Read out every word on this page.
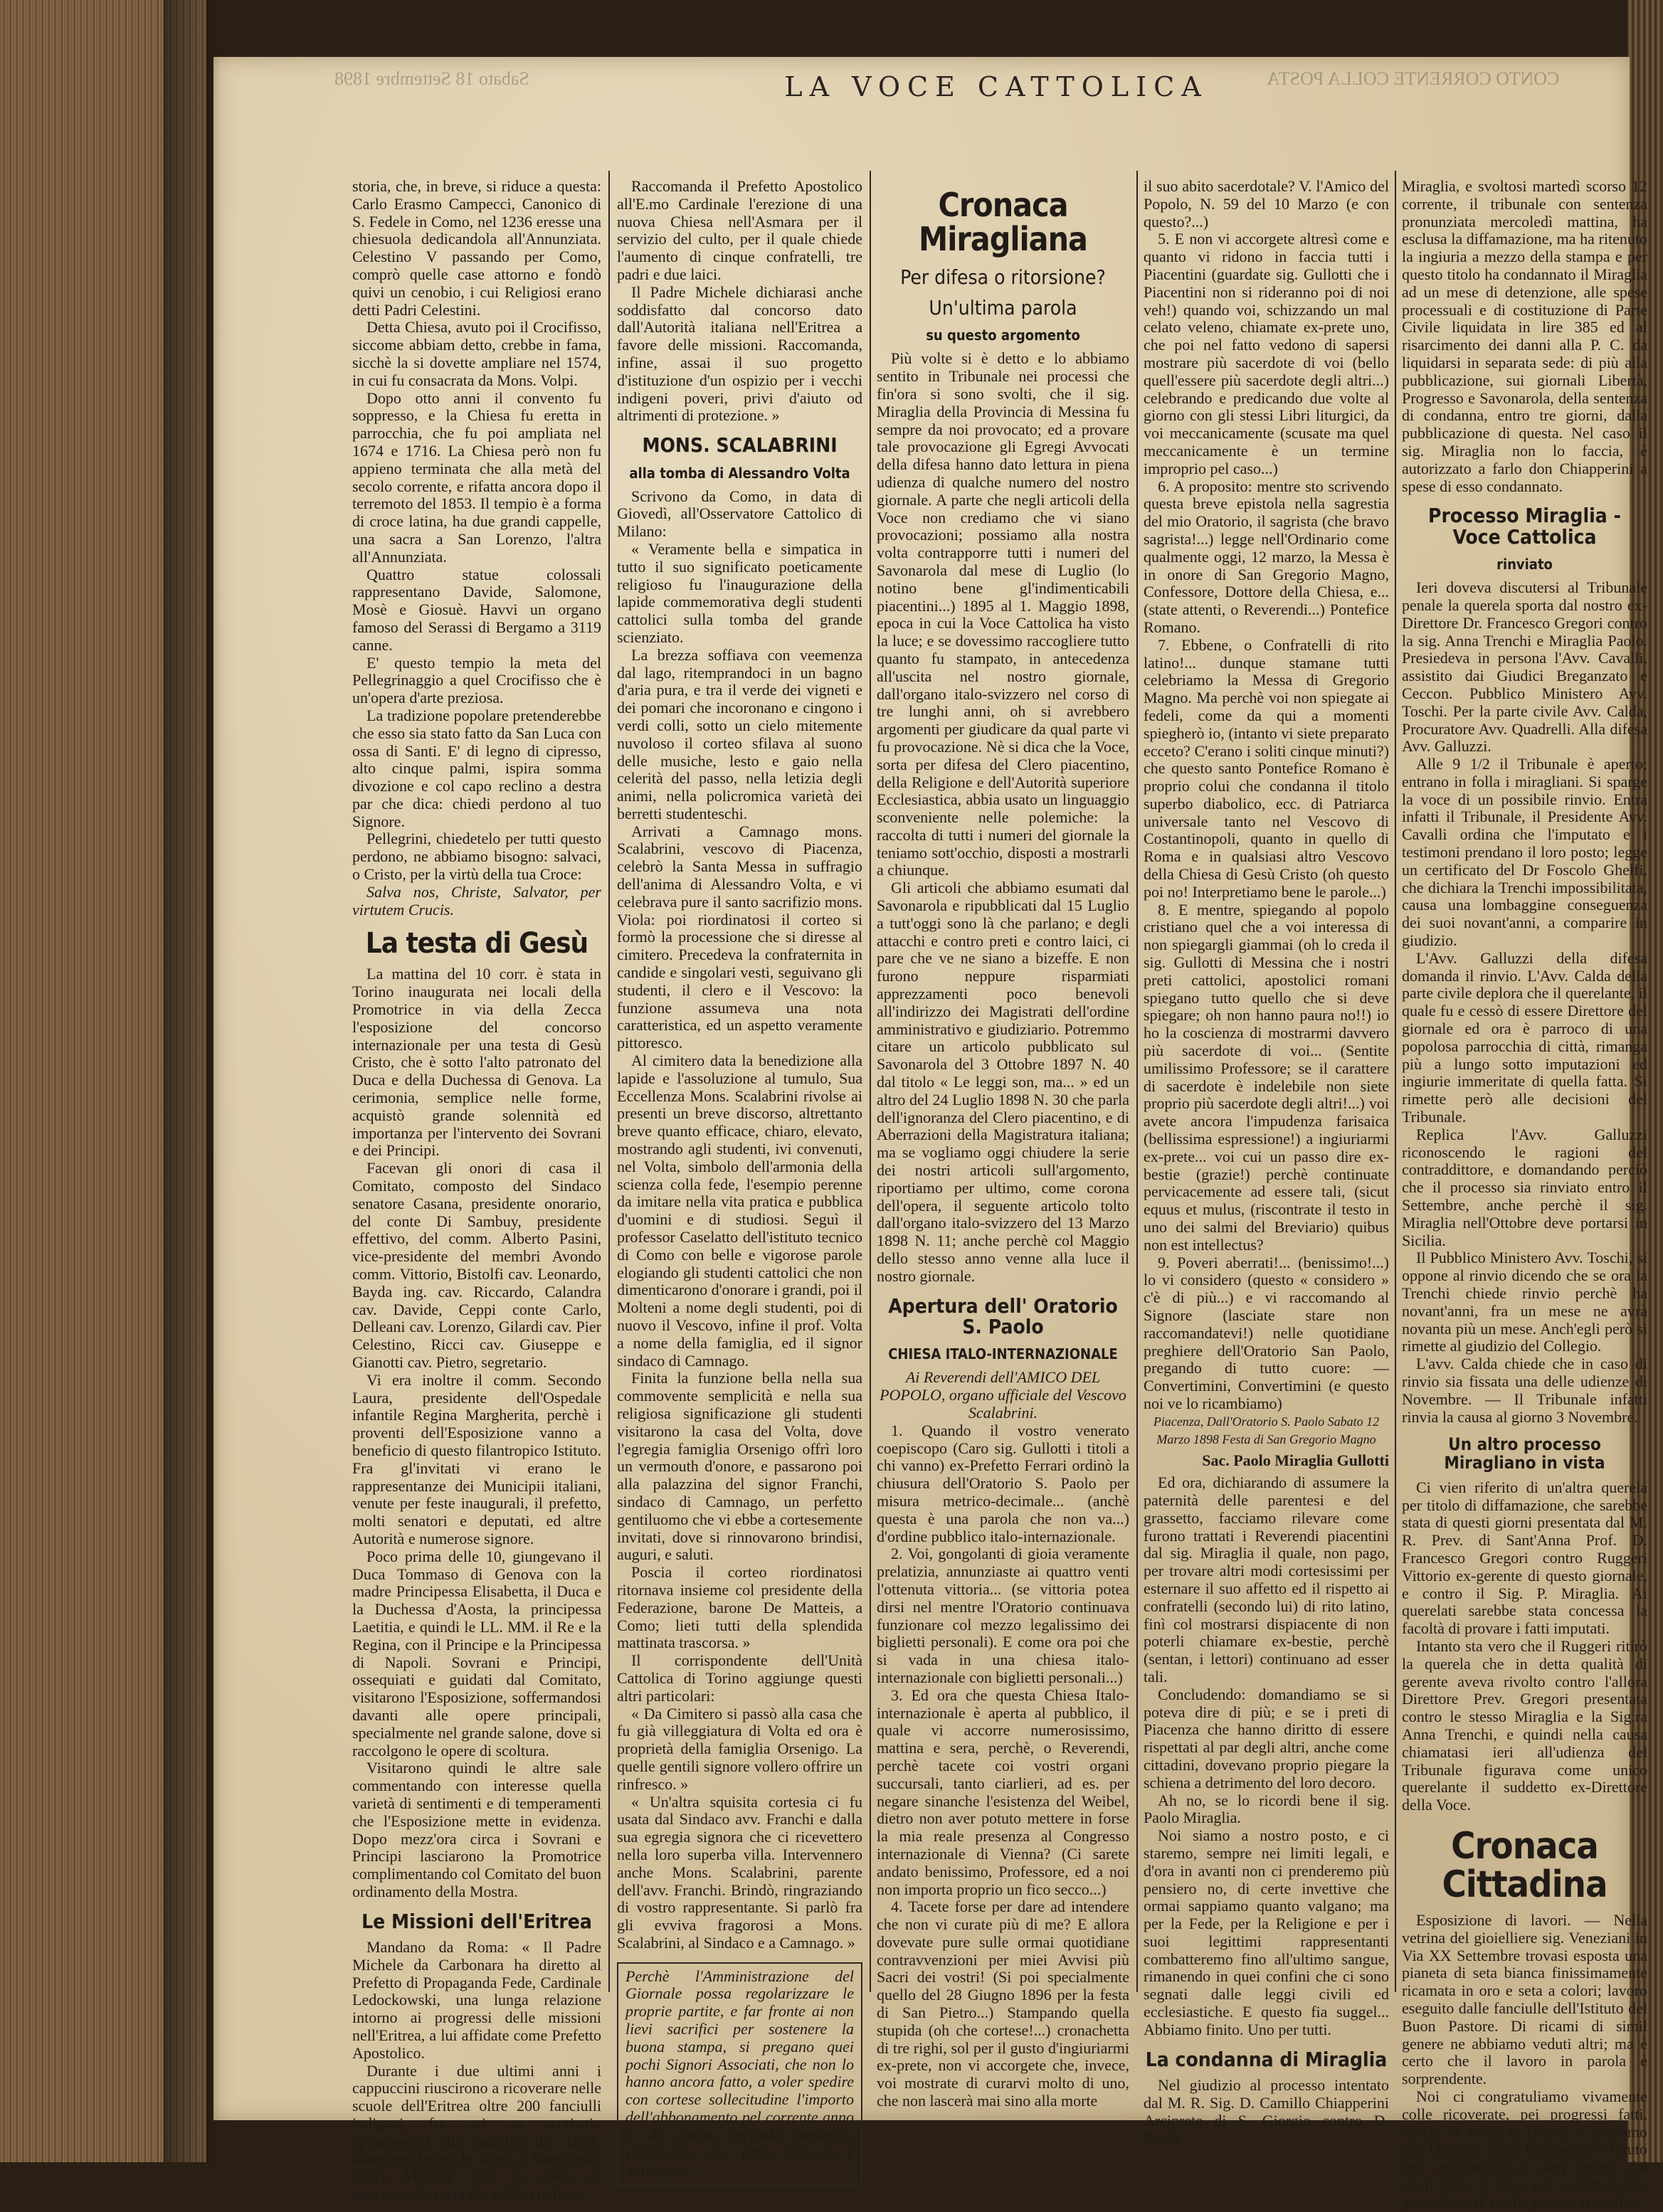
Sabato 18 Settembre 1898	CONTO CORRENTE COLLA POSTA
LA VOCE CATTOLICA

storia, che, in breve, si riduce a questa: Carlo Erasmo Campecci, Canonico di S. Fedele in Como, nel 1236 eresse una chiesuola dedicandola all'Annunziata. Celestino V passando per Como, comprò quelle case attorno e fondò quivi un cenobio, i cui Religiosi erano detti Padri Celestini.

Detta Chiesa, avuto poi il Crocifisso, siccome abbiam detto, crebbe in fama, sicchè la si dovette ampliare nel 1574, in cui fu consacrata da Mons. Volpi.

Dopo otto anni il convento fu soppresso, e la Chiesa fu eretta in parrocchia, che fu poi ampliata nel 1674 e 1716. La Chiesa però non fu appieno terminata che alla metà del secolo corrente, e rifatta ancora dopo il terremoto del 1853. Il tempio è a forma di croce latina, ha due grandi cappelle, una sacra a San Lorenzo, l'altra all'Annunziata.

Quattro statue colossali rappresentano Davide, Salomone, Mosè e Giosuè. Havvi un organo famoso del Serassi di Bergamo a 3119 canne.

E' questo tempio la meta del Pellegrinaggio a quel Crocifisso che è un'opera d'arte preziosa.

La tradizione popolare pretenderebbe che esso sia stato fatto da San Luca con ossa di Santi. E' di legno di cipresso, alto cinque palmi, ispira somma divozione e col capo reclino a destra par che dica: chiedi perdono al tuo Signore.

Pellegrini, chiedetelo per tutti questo perdono, ne abbiamo bisogno: salvaci, o Cristo, per la virtù della tua Croce:

Salva nos, Christe, Salvator, per virtutem Crucis.

La testa di Gesù

La mattina del 10 corr. è stata in Torino inaugurata nei locali della Promotrice in via della Zecca l'esposizione del concorso internazionale per una testa di Gesù Cristo, che è sotto l'alto patronato del Duca e della Duchessa di Genova. La cerimonia, semplice nelle forme, acquistò grande solennità ed importanza per l'intervento dei Sovrani e dei Principi.

Facevan gli onori di casa il Comitato, composto del Sindaco senatore Casana, presidente onorario, del conte Di Sambuy, presidente effettivo, del comm. Alberto Pasini, vice-presidente del membri Avondo comm. Vittorio, Bistolfi cav. Leonardo, Bayda ing. cav. Riccardo, Calandra cav. Davide, Ceppi conte Carlo, Delleani cav. Lorenzo, Gilardi cav. Pier Celestino, Ricci cav. Giuseppe e Gianotti cav. Pietro, segretario.

Vi era inoltre il comm. Secondo Laura, presidente dell'Ospedale infantile Regina Margherita, perchè i proventi dell'Esposizione vanno a beneficio di questo filantropico Istituto. Fra gl'invitati vi erano le rappresentanze dei Municipii italiani, venute per feste inaugurali, il prefetto, molti senatori e deputati, ed altre Autorità e numerose signore.

Poco prima delle 10, giungevano il Duca Tommaso di Genova con la madre Principessa Elisabetta, il Duca e la Duchessa d'Aosta, la principessa Laetitia, e quindi le LL. MM. il Re e la Regina, con il Principe e la Principessa di Napoli. Sovrani e Principi, ossequiati e guidati dal Comitato, visitarono l'Esposizione, soffermandosi davanti alle opere principali, specialmente nel grande salone, dove si raccolgono le opere di scoltura.

Visitarono quindi le altre sale commentando con interesse quella varietà di sentimenti e di temperamenti che l'Esposizione mette in evidenza. Dopo mezz'ora circa i Sovrani e Principi lasciarono la Promotrice complimentando col Comitato del buon ordinamento della Mostra.

Le Missioni dell'Eritrea

Mandano da Roma: « Il Padre Michele da Carbonara ha diretto al Prefetto di Propaganda Fede, Cardinale Ledockowski, una lunga relazione intorno ai progressi delle missioni nell'Eritrea, a lui affidate come Prefetto Apostolico.

Durante i due ultimi anni i cappuccini riuscirono a ricoverare nelle scuole dell'Eritrea oltre 200 fanciulli indigeni, fra cui un centinaio appartenenti alla famiglia dei Tigrè, altrettanti fecero le suore di Sant'Anna. Padre Michele loda le opere di misericordia pietà dei soldati italiani.

Raccomanda il Prefetto Apostolico all'E.mo Cardinale l'erezione di una nuova Chiesa nell'Asmara per il servizio del culto, per il quale chiede l'aumento di cinque confratelli, tre padri e due laici.

Il Padre Michele dichiarasi anche soddisfatto dal concorso dato dall'Autorità italiana nell'Eritrea a favore delle missioni. Raccomanda, infine, assai il suo progetto d'istituzione d'un ospizio per i vecchi indigeni poveri, privi d'aiuto od altrimenti di protezione. »

MONS. SCALABRINI
alla tomba di Alessandro Volta

Scrivono da Como, in data di Giovedì, all'Osservatore Cattolico di Milano:

« Veramente bella e simpatica in tutto il suo significato poeticamente religioso fu l'inaugurazione della lapide commemorativa degli studenti cattolici sulla tomba del grande scienziato.

La brezza soffiava con veemenza dal lago, ritemprandoci in un bagno d'aria pura, e tra il verde dei vigneti e dei pomari che incoronano e cingono i verdi colli, sotto un cielo mitemente nuvoloso il corteo sfilava al suono delle musiche, lesto e gaio nella celerità del passo, nella letizia degli animi, nella policromica varietà dei berretti studenteschi.

Arrivati a Camnago mons. Scalabrini, vescovo di Piacenza, celebrò la Santa Messa in suffragio dell'anima di Alessandro Volta, e vi celebrava pure il santo sacrifizio mons. Viola: poi riordinatosi il corteo si formò la processione che si diresse al cimitero. Precedeva la confraternita in candide e singolari vesti, seguivano gli studenti, il clero e il Vescovo: la funzione assumeva una nota caratteristica, ed un aspetto veramente pittoresco.

Al cimitero data la benedizione alla lapide e l'assoluzione al tumulo, Sua Eccellenza Mons. Scalabrini rivolse ai presenti un breve discorso, altrettanto breve quanto efficace, chiaro, elevato, mostrando agli studenti, ivi convenuti, nel Volta, simbolo dell'armonia della scienza colla fede, l'esempio perenne da imitare nella vita pratica e pubblica d'uomini e di studiosi. Seguì il professor Caselatto dell'istituto tecnico di Como con belle e vigorose parole elogiando gli studenti cattolici che non dimenticarono d'onorare i grandi, poi il Molteni a nome degli studenti, poi di nuovo il Vescovo, infine il prof. Volta a nome della famiglia, ed il signor sindaco di Camnago.

Finita la funzione bella nella sua commovente semplicità e nella sua religiosa significazione gli studenti visitarono la casa del Volta, dove l'egregia famiglia Orsenigo offrì loro un vermouth d'onore, e passarono poi alla palazzina del signor Franchi, sindaco di Camnago, un perfetto gentiluomo che vi ebbe a cortesemente invitati, dove si rinnovarono brindisi, auguri, e saluti.

Poscia il corteo riordinatosi ritornava insieme col presidente della Federazione, barone De Matteis, a Como; lieti tutti della splendida mattinata trascorsa. »

Il corrispondente dell'Unità Cattolica di Torino aggiunge questi altri particolari:

« Da Cimitero si passò alla casa che fu già villeggiatura di Volta ed ora è proprietà della famiglia Orsenigo. La quelle gentili signore vollero offrire un rinfresco. »

« Un'altra squisita cortesia ci fu usata dal Sindaco avv. Franchi e dalla sua egregia signora che ci ricevettero nella loro superba villa. Intervennero anche Mons. Scalabrini, parente dell'avv. Franchi. Brindò, ringraziando di vostro rappresentante. Si parlò fra gli evviva fragorosi a Mons. Scalabrini, al Sindaco e a Camnago. »

Perchè l'Amministrazione del Giornale possa regolarizzare le proprie partite, e far fronte ai non lievi sacrifici per sostenere la buona stampa, si pregano quei pochi Signori Associati, che non lo hanno ancora fatto, a voler spedire con cortese sollecitudine l'importo dell'abbonamento pel corrente anno o di questo secondo semestre, ricordando che detto importo è anticipato.
Cronaca Miragliana
Per difesa o ritorsione?
Un'ultima parola
su questo argomento

Più volte si è detto e lo abbiamo sentito in Tribunale nei processi che fin'ora si sono svolti, che il sig. Miraglia della Provincia di Messina fu sempre da noi provocato; ed a provare tale provocazione gli Egregi Avvocati della difesa hanno dato lettura in piena udienza di qualche numero del nostro giornale. A parte che negli articoli della Voce non crediamo che vi siano provocazioni; possiamo alla nostra volta contrapporre tutti i numeri del Savonarola dal mese di Luglio (lo notino bene gl'indimenticabili piacentini...) 1895 al 1. Maggio 1898, epoca in cui la Voce Cattolica ha visto la luce; e se dovessimo raccogliere tutto quanto fu stampato, in antecedenza all'uscita nel nostro giornale, dall'organo italo-svizzero nel corso di tre lunghi anni, oh si avrebbero argomenti per giudicare da qual parte vi fu provocazione. Nè si dica che la Voce, sorta per difesa del Clero piacentino, della Religione e dell'Autorità superiore Ecclesiastica, abbia usato un linguaggio sconveniente nelle polemiche: la raccolta di tutti i numeri del giornale la teniamo sott'occhio, disposti a mostrarli a chiunque.

Gli articoli che abbiamo esumati dal Savonarola e ripubblicati dal 15 Luglio a tutt'oggi sono là che parlano; e degli attacchi e contro preti e contro laici, ci pare che ve ne siano a bizeffe. E non furono neppure risparmiati apprezzamenti poco benevoli all'indirizzo dei Magistrati dell'ordine amministrativo e giudiziario. Potremmo citare un articolo pubblicato sul Savonarola del 3 Ottobre 1897 N. 40 dal titolo « Le leggi son, ma... » ed un altro del 24 Luglio 1898 N. 30 che parla dell'ignoranza del Clero piacentino, e di Aberrazioni della Magistratura italiana; ma se vogliamo oggi chiudere la serie dei nostri articoli sull'argomento, riportiamo per ultimo, come corona dell'opera, il seguente articolo tolto dall'organo italo-svizzero del 13 Marzo 1898 N. 11; anche perchè col Maggio dello stesso anno venne alla luce il nostro giornale.

Apertura dell' Oratorio S. Paolo
CHIESA ITALO-INTERNAZIONALE

Ai Reverendi dell'AMICO DEL POPOLO, organo ufficiale del Vescovo Scalabrini.

1. Quando il vostro venerato coepiscopo (Caro sig. Gullotti i titoli a chi vanno) ex-Prefetto Ferrari ordinò la chiusura dell'Oratorio S. Paolo per misura metrico-decimale... (anchè questa è una parola che non va...) d'ordine pubblico italo-internazionale.

2. Voi, gongolanti di gioia veramente prelatizia, annunziaste ai quattro venti l'ottenuta vittoria... (se vittoria potea dirsi nel mentre l'Oratorio continuava funzionare col mezzo legalissimo dei biglietti personali). E come ora poi che si vada in una chiesa italo-internazionale con biglietti personali...)

3. Ed ora che questa Chiesa Italo-internazionale è aperta al pubblico, il quale vi accorre numerosissimo, mattina e sera, perchè, o Reverendi, perchè tacete coi vostri organi succursali, tanto ciarlieri, ad es. per negare sinanche l'esistenza del Weibel, dietro non aver potuto mettere in forse la mia reale presenza al Congresso internazionale di Vienna? (Ci sarete andato benissimo, Professore, ed a noi non importa proprio un fico secco...)

4. Tacete forse per dare ad intendere che non vi curate più di me? E allora dovevate pure sulle ormai quotidiane contravvenzioni per miei Avvisi più Sacri dei vostri! (Si poi specialmente quello del 28 Giugno 1896 per la festa di San Pietro...) Stampando quella stupida (oh che cortese!...) cronachetta di tre righi, sol per il gusto d'ingiuriarmi ex-prete, non vi accorgete che, invece, voi mostrate di curarvi molto di uno, che non lascerà mai sino alla morte

il suo abito sacerdotale? V. l'Amico del Popolo, N. 59 del 10 Marzo (e con questo?...)

5. E non vi accorgete altresì come e quanto vi ridono in faccia tutti i Piacentini (guardate sig. Gullotti che i Piacentini non si rideranno poi di noi veh!) quando voi, schizzando un mal celato veleno, chiamate ex-prete uno, che poi nel fatto vedono di sapersi mostrare più sacerdote di voi (bello quell'essere più sacerdote degli altri...) celebrando e predicando due volte al giorno con gli stessi Libri liturgici, da voi meccanicamente (scusate ma quel meccanicamente è un termine improprio pel caso...)

6. A proposito: mentre sto scrivendo questa breve epistola nella sagrestia del mio Oratorio, il sagrista (che bravo sagrista!...) legge nell'Ordinario come qualmente oggi, 12 marzo, la Messa è in onore di San Gregorio Magno, Confessore, Dottore della Chiesa, e... (state attenti, o Reverendi...) Pontefice Romano.

7. Ebbene, o Confratelli di rito latino!... dunque stamane tutti celebriamo la Messa di Gregorio Magno. Ma perchè voi non spiegate ai fedeli, come da qui a momenti spiegherò io, (intanto vi siete preparato ecceto? C'erano i soliti cinque minuti?) che questo santo Pontefice Romano è proprio colui che condanna il titolo superbo diabolico, ecc. di Patriarca universale tanto nel Vescovo di Costantinopoli, quanto in quello di Roma e in qualsiasi altro Vescovo della Chiesa di Gesù Cristo (oh questo poi no! Interpretiamo bene le parole...)

8. E mentre, spiegando al popolo cristiano quel che a voi interessa di non spiegargli giammai (oh lo creda il sig. Gullotti di Messina che i nostri preti cattolici, apostolici romani spiegano tutto quello che si deve spiegare; oh non hanno paura no!!) io ho la coscienza di mostrarmi davvero più sacerdote di voi... (Sentite umilissimo Professore; se il carattere di sacerdote è indelebile non siete proprio più sacerdote degli altri!...) voi avete ancora l'impudenza farisaica (bellissima espressione!) a ingiuriarmi ex-prete... voi cui un passo dire ex-bestie (grazie!) perchè continuate pervicacemente ad essere tali, (sicut equus et mulus, (riscontrate il testo in uno dei salmi del Breviario) quibus non est intellectus?

9. Poveri aberrati!... (benissimo!...) lo vi considero (questo « considero » c'è di più...) e vi raccomando al Signore (lasciate stare non raccomandatevi!) nelle quotidiane preghiere dell'Oratorio San Paolo, pregando di tutto cuore: — Convertimini, Convertimini (e questo noi ve lo ricambiamo)

Piacenza, Dall'Oratorio S. Paolo Sabato 12 Marzo 1898 Festa di San Gregorio Magno

Sac. Paolo Miraglia Gullotti

Ed ora, dichiarando di assumere la paternità delle parentesi e del grassetto, facciamo rilevare come furono trattati i Reverendi piacentini dal sig. Miraglia il quale, non pago, per trovare altri modi cortesissimi per esternare il suo affetto ed il rispetto ai confratelli (secondo lui) di rito latino, finì col mostrarsi dispiacente di non poterli chiamare ex-bestie, perchè (sentan, i lettori) continuano ad esser tali.

Concludendo: domandiamo se si poteva dire di più; e se i preti di Piacenza che hanno diritto di essere rispettati al par degli altri, anche come cittadini, dovevano proprio piegare la schiena a detrimento del loro decoro.

Ah no, se lo ricordi bene il sig. Paolo Miraglia.

Noi siamo a nostro posto, e ci staremo, sempre nei limiti legali, e d'ora in avanti non ci prenderemo più pensiero no, di certe invettive che ormai sappiamo quanto valgano; ma per la Fede, per la Religione e per i suoi legittimi rappresentanti combatteremo fino all'ultimo sangue, rimanendo in quei confini che ci sono segnati dalle leggi civili ed ecclesiastiche. E questo fia suggel... Abbiamo finito. Uno per tutti.

La condanna di Miraglia

Nel giudizio al processo intentato dal M. R. Sig. D. Camillo Chiapperini Arciprete di S. Giorgio contro D. Paolo

Miraglia, e svoltosi martedì scorso 12 corrente, il tribunale con sentenza pronunziata mercoledì mattina, ha esclusa la diffamazione, ma ha ritenuto la ingiuria a mezzo della stampa e per questo titolo ha condannato il Miraglia ad un mese di detenzione, alle spese processuali e di costituzione di Parte Civile liquidata in lire 385 ed al risarcimento dei danni alla P. C. da liquidarsi in separata sede: di più alla pubblicazione, sui giornali Libertà, Progresso e Savonarola, della sentenza di condanna, entro tre giorni, dalla pubblicazione di questa. Nel caso il sig. Miraglia non lo faccia, è autorizzato a farlo don Chiapperini a spese di esso condannato.

Processo Miraglia - Voce Cattolica
rinviato

Ieri doveva discutersi al Tribunale penale la querela sporta dal nostro ex-Direttore Dr. Francesco Gregori contro la sig. Anna Trenchi e Miraglia Paolo. Presiedeva in persona l'Avv. Cavalli, assistito dai Giudici Breganzato e Ceccon. Pubblico Ministero Avv. Toschi. Per la parte civile Avv. Calda, Procuratore Avv. Quadrelli. Alla difesa Avv. Galluzzi.

Alle 9 1/2 il Tribunale è aperto; entrano in folla i miragliani. Si sparge la voce di un possibile rinvio. Entra infatti il Tribunale, il Presidente Avv. Cavalli ordina che l'imputato e i testimoni prendano il loro posto; legge un certificato del Dr Foscolo Ghelfi, che dichiara la Trenchi impossibilitata, causa una lombaggine conseguenza dei suoi novant'anni, a comparire in giudizio.

L'Avv. Galluzzi della difesa domanda il rinvio. L'Avv. Calda della parte civile deplora che il querelante, il quale fu e cessò di essere Direttore del giornale ed ora è parroco di una popolosa parrocchia di città, rimanga più a lungo sotto imputazioni ed ingiurie immeritate di quella fatta. Si rimette però alle decisioni del Tribunale.

Replica l'Avv. Galluzzi riconoscendo le ragioni del contraddittore, e domandando perciò che il processo sia rinviato entro il Settembre, anche perchè il sig. Miraglia nell'Ottobre deve portarsi in Sicilia.

Il Pubblico Ministero Avv. Toschi, si oppone al rinvio dicendo che se ora la Trenchi chiede rinvio perchè ha novant'anni, fra un mese ne avrà novanta più un mese. Anch'egli però si rimette al giudizio del Collegio.

L'avv. Calda chiede che in caso di rinvio sia fissata una delle udienze di Novembre. — Il Tribunale infatti rinvia la causa al giorno 3 Novembre.

Un altro processo Miragliano in vista

Ci vien riferito di un'altra querela per titolo di diffamazione, che sarebbe stata di questi giorni presentata dal M. R. Prev. di Sant'Anna Prof. D. Francesco Gregori contro Ruggeri Vittorio ex-gerente di questo giornale, e contro il Sig. P. Miraglia. Ai querelati sarebbe stata concessa la facoltà di provare i fatti imputati.

Intanto sta vero che il Ruggeri ritirò la querela che in detta qualità di gerente aveva rivolto contro l'allora Direttore Prev. Gregori presentata contro le stesso Miraglia e la Sig.ra Anna Trenchi, e quindi nella causa chiamatasi ieri all'udienza del Tribunale figurava come unico querelante il suddetto ex-Direttore della Voce.

Cronaca Cittadina

Esposizione di lavori. — Nella vetrina del gioielliere sig. Veneziani in Via XX Settembre trovasi esposta una pianeta di seta bianca finissimamente ricamata in oro e seta a colori; lavoro eseguito dalle fanciulle dell'Istituto del Buon Pastore. Di ricami di simil genere ne abbiamo veduti altri; ma è certo che il lavoro in parola è sorprendente.

Noi ci congratuliamo vivamente colle ricoverate, pei progressi fatti, specie in arredi di chiesa; e speriamo che l'Istituto abbia l'appoggio e l'aiuto con ordinazioni di altri lavori, dai quali ritrae il pane pel sostentamento giornaliero di quelle povere fanciulle.
